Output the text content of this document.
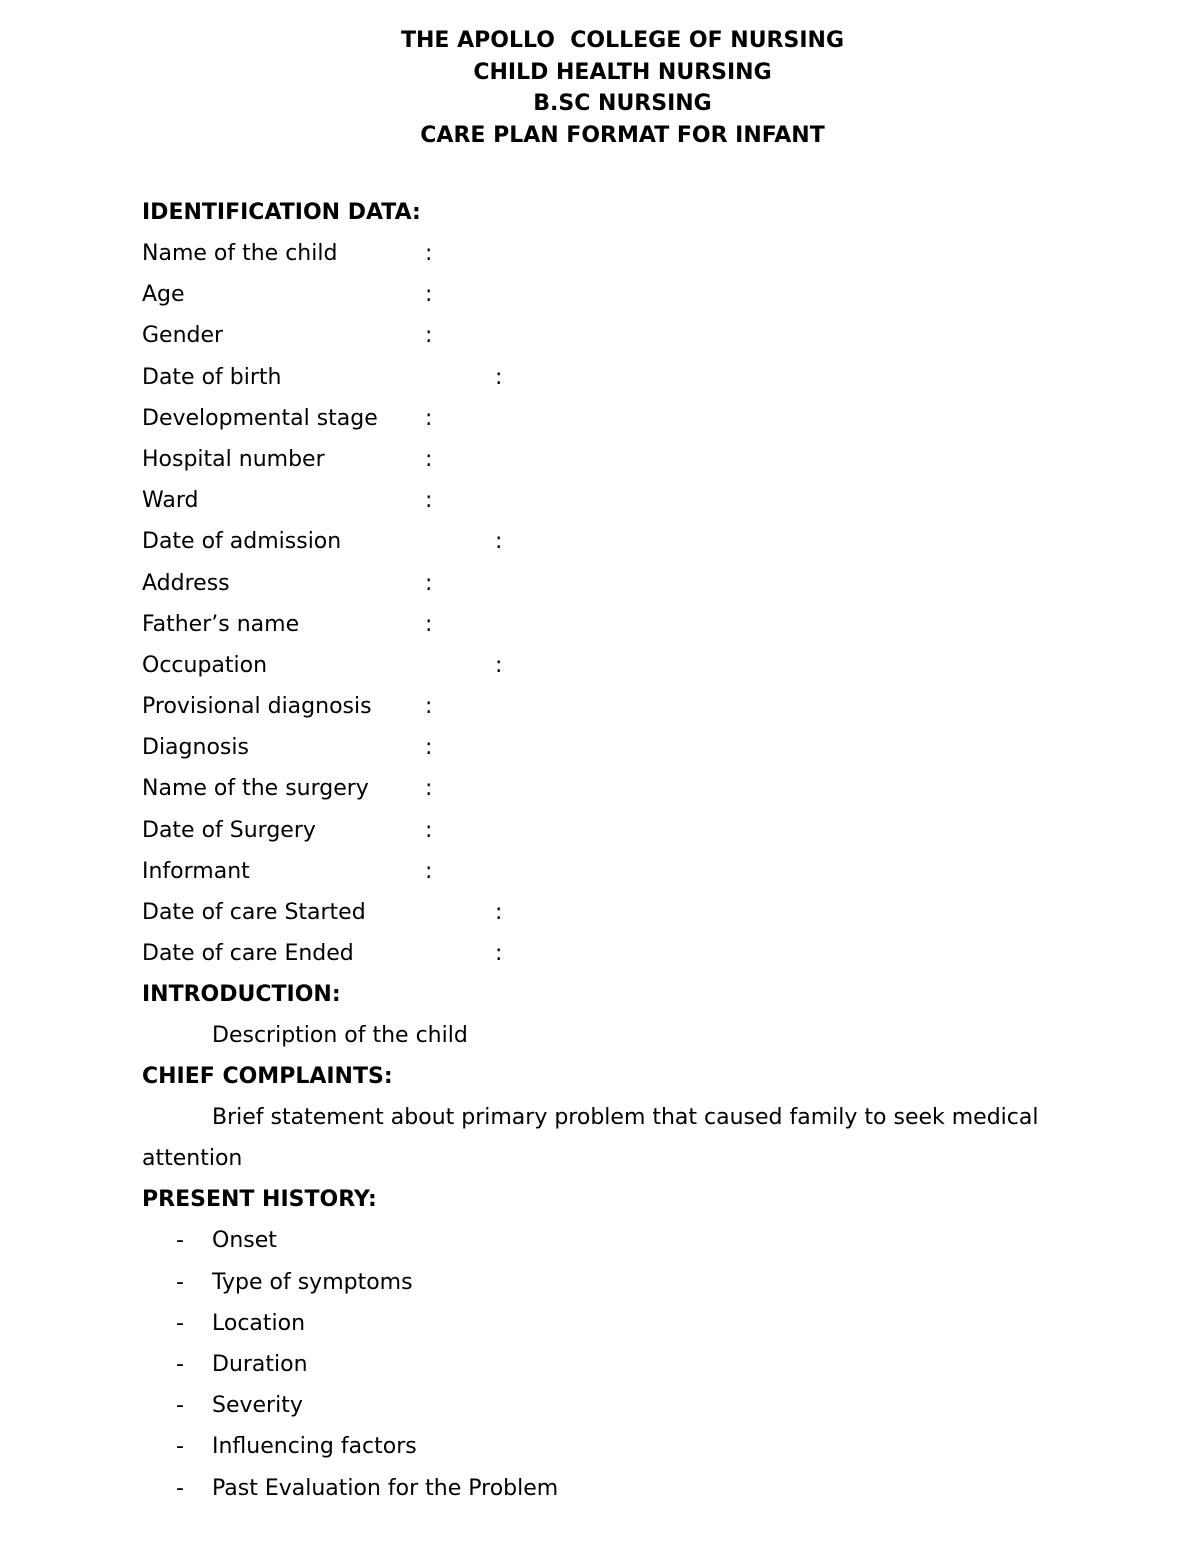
THE APOLLO  COLLEGE OF NURSING
CHILD HEALTH NURSING
B.SC NURSING
CARE PLAN FORMAT FOR INFANT
IDENTIFICATION DATA:
Name of the child	:
Age	:
Gender	:
Date of birth	:
Developmental stage :
Hospital number	:
Ward	:
Date of admission	:
Address	:
Father’s name	:
Occupation	:
Provisional diagnosis :
Diagnosis	:
Name of the surgery	:
Date of Surgery	:
Informant	:
Date of care Started	:
Date of care Ended	:
INTRODUCTION:
Description of the child
CHIEF COMPLAINTS:
Brief statement about primary problem that caused family to seek medical attention
PRESENT HISTORY:
- Onset
- Type of symptoms
- Location
- Duration
- Severity
- Influencing factors
- Past Evaluation for the Problem
